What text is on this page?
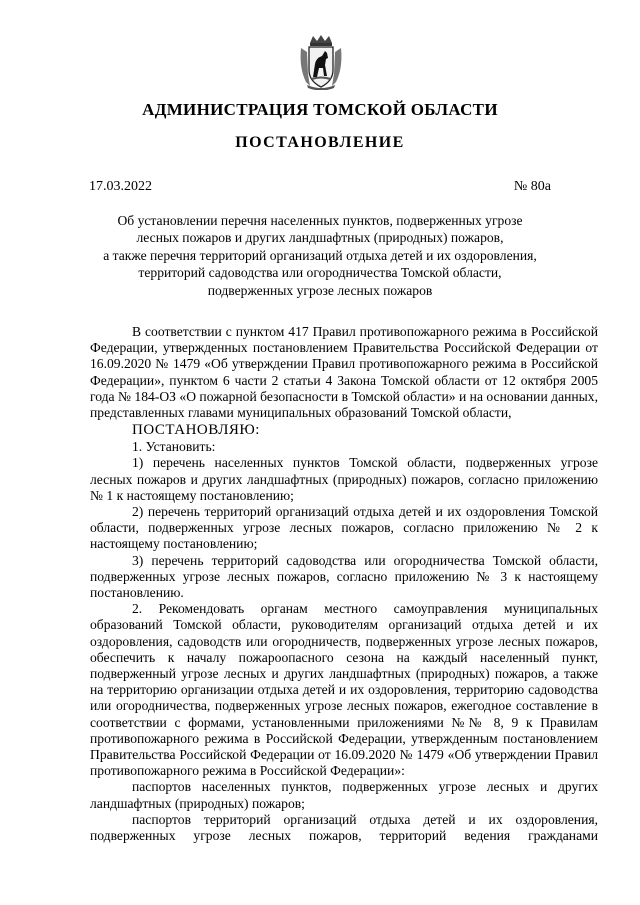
АДМИНИСТРАЦИЯ ТОМСКОЙ ОБЛАСТИ
ПОСТАНОВЛЕНИЕ
17.03.2022	№ 80а
Об установлении перечня населенных пунктов, подверженных угрозе
лесных пожаров и других ландшафтных (природных) пожаров,
а также перечня территорий организаций отдыха детей и их оздоровления,
территорий садоводства или огородничества Томской области,
подверженных угрозе лесных пожаров

В соответствии с пунктом 417 Правил противопожарного режима в Российской Федерации, утвержденных постановлением Правительства Российской Федерации от 16.09.2020 № 1479 «Об утверждении Правил противопожарного режима в Российской Федерации», пунктом 6 части 2 статьи 4 Закона Томской области от 12 октября 2005 года № 184-ОЗ «О пожарной безопасности в Томской области» и на основании данных, представленных главами муниципальных образований Томской области,

ПОСТАНОВЛЯЮ:

1. Установить:

1) перечень населенных пунктов Томской области, подверженных угрозе лесных пожаров и других ландшафтных (природных) пожаров, согласно приложению № 1 к настоящему постановлению;

2) перечень территорий организаций отдыха детей и их оздоровления Томской области, подверженных угрозе лесных пожаров, согласно приложению № 2 к настоящему постановлению;

3) перечень территорий садоводства или огородничества Томской области, подверженных угрозе лесных пожаров, согласно приложению № 3 к настоящему постановлению.

2. Рекомендовать органам местного самоуправления муниципальных образований Томской области, руководителям организаций отдыха детей и их оздоровления, садоводств или огородничеств, подверженных угрозе лесных пожаров, обеспечить к началу пожароопасного сезона на каждый населенный пункт, подверженный угрозе лесных и других ландшафтных (природных) пожаров, а также на территорию организации отдыха детей и их оздоровления, территорию садоводства или огородничества, подверженных угрозе лесных пожаров, ежегодное составление в соответствии с формами, установленными приложениями №№ 8, 9 к Правилам противопожарного режима в Российской Федерации, утвержденным постановлением Правительства Российской Федерации от 16.09.2020 № 1479 «Об утверждении Правил противопожарного режима в Российской Федерации»:

паспортов населенных пунктов, подверженных угрозе лесных и других ландшафтных (природных) пожаров;

паспортов территорий организаций отдыха детей и их оздоровления, подверженных угрозе лесных пожаров, территорий ведения гражданами
